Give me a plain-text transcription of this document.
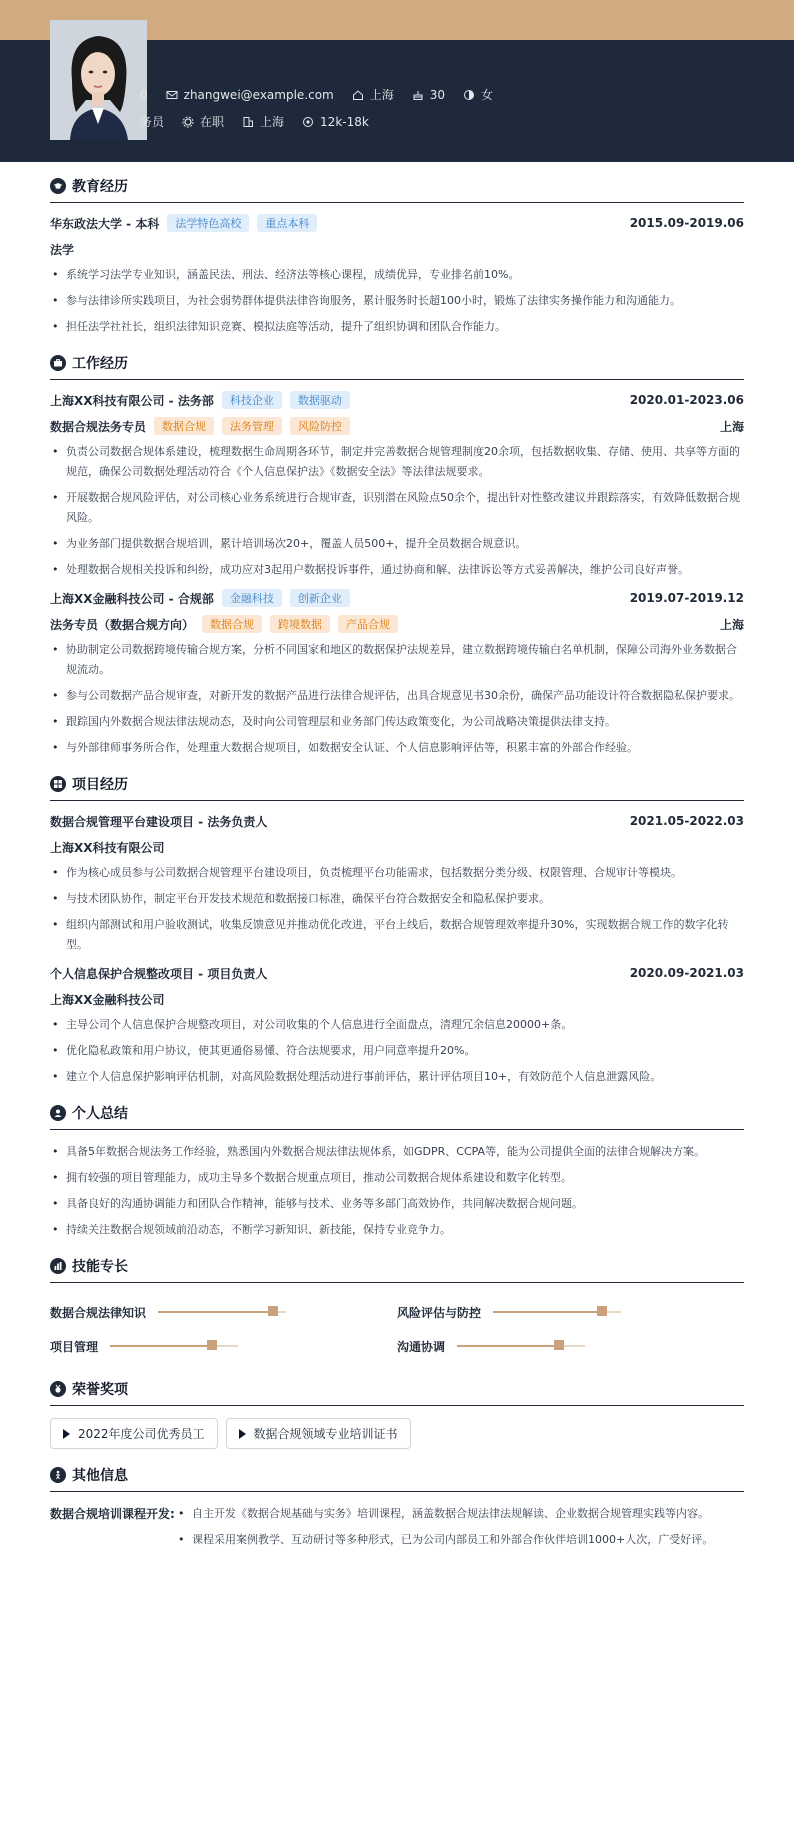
0	zhangwei@example.com	上海	30	女
务员	在职	上海	12k-18k
教育经历
华东政法大学 - 本科	法学特色高校	重点本科	2015.09-2019.06
法学
• 系统学习法学专业知识，涵盖民法、刑法、经济法等核心课程，成绩优异，专业排名前10%。
• 参与法律诊所实践项目，为社会弱势群体提供法律咨询服务，累计服务时长超100小时，锻炼了法律实务操作能力和沟通能力。
• 担任法学社社长，组织法律知识竞赛、模拟法庭等活动，提升了组织协调和团队合作能力。
工作经历
上海XX科技有限公司 - 法务部	科技企业	数据驱动	2020.01-2023.06
数据合规法务专员	数据合规	法务管理	风险防控	上海
• 负责公司数据合规体系建设，梳理数据生命周期各环节，制定并完善数据合规管理制度20余项，包括数据收集、存储、使用、共享等方面的规范，确保公司数据处理活动符合《个人信息保护法》《数据安全法》等法律法规要求。
• 开展数据合规风险评估，对公司核心业务系统进行合规审查，识别潜在风险点50余个，提出针对性整改建议并跟踪落实，有效降低数据合规风险。
• 为业务部门提供数据合规培训，累计培训场次20+，覆盖人员500+，提升全员数据合规意识。
• 处理数据合规相关投诉和纠纷，成功应对3起用户数据投诉事件，通过协商和解、法律诉讼等方式妥善解决，维护公司良好声誉。
上海XX金融科技公司 - 合规部	金融科技	创新企业	2019.07-2019.12
法务专员（数据合规方向）	数据合规	跨境数据	产品合规	上海
• 协助制定公司数据跨境传输合规方案，分析不同国家和地区的数据保护法规差异，建立数据跨境传输白名单机制，保障公司海外业务数据合规流动。
• 参与公司数据产品合规审查，对新开发的数据产品进行法律合规评估，出具合规意见书30余份，确保产品功能设计符合数据隐私保护要求。
• 跟踪国内外数据合规法律法规动态，及时向公司管理层和业务部门传达政策变化，为公司战略决策提供法律支持。
• 与外部律师事务所合作，处理重大数据合规项目，如数据安全认证、个人信息影响评估等，积累丰富的外部合作经验。
项目经历
数据合规管理平台建设项目 - 法务负责人	2021.05-2022.03
上海XX科技有限公司
• 作为核心成员参与公司数据合规管理平台建设项目，负责梳理平台功能需求，包括数据分类分级、权限管理、合规审计等模块。
• 与技术团队协作，制定平台开发技术规范和数据接口标准，确保平台符合数据安全和隐私保护要求。
• 组织内部测试和用户验收测试，收集反馈意见并推动优化改进，平台上线后，数据合规管理效率提升30%，实现数据合规工作的数字化转型。
个人信息保护合规整改项目 - 项目负责人	2020.09-2021.03
上海XX金融科技公司
• 主导公司个人信息保护合规整改项目，对公司收集的个人信息进行全面盘点，清理冗余信息20000+条。
• 优化隐私政策和用户协议，使其更通俗易懂、符合法规要求，用户同意率提升20%。
• 建立个人信息保护影响评估机制，对高风险数据处理活动进行事前评估，累计评估项目10+，有效防范个人信息泄露风险。
个人总结
• 具备5年数据合规法务工作经验，熟悉国内外数据合规法律法规体系，如GDPR、CCPA等，能为公司提供全面的法律合规解决方案。
• 拥有较强的项目管理能力，成功主导多个数据合规重点项目，推动公司数据合规体系建设和数字化转型。
• 具备良好的沟通协调能力和团队合作精神，能够与技术、业务等多部门高效协作，共同解决数据合规问题。
• 持续关注数据合规领域前沿动态，不断学习新知识、新技能，保持专业竞争力。
技能专长
数据合规法律知识	风险评估与防控
项目管理	沟通协调
荣誉奖项
2022年度公司优秀员工	数据合规领域专业培训证书
其他信息
数据合规培训课程开发:
•	自主开发《数据合规基础与实务》培训课程，涵盖数据合规法律法规解读、企业数据合规管理实践等内容。
• 课程采用案例教学、互动研讨等多种形式，已为公司内部员工和外部合作伙伴培训1000+人次，广受好评。
